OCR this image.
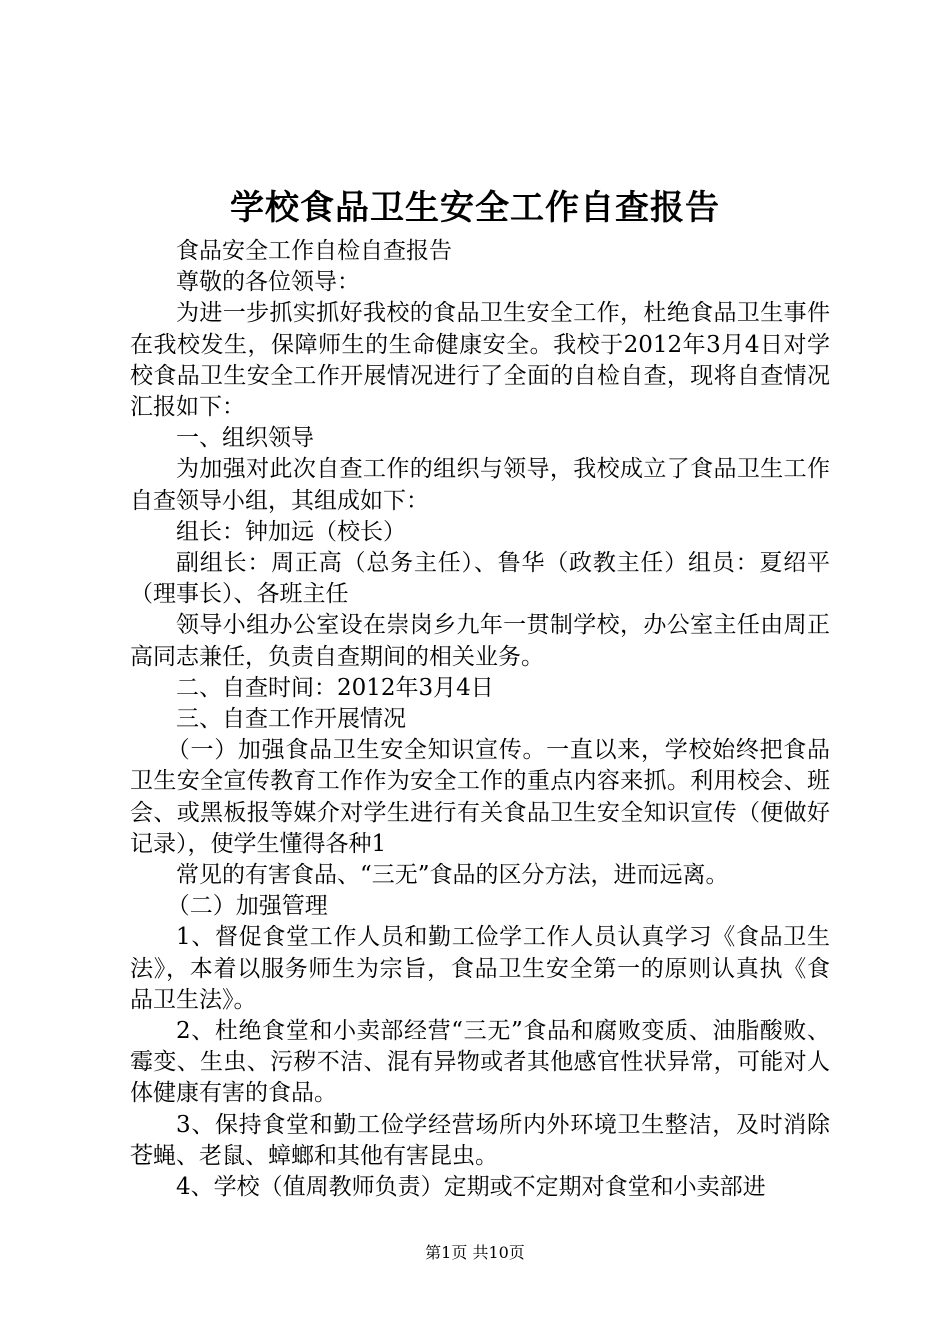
学校食品卫生安全工作自查报告

食品安全工作自检自查报告

尊敬的各位领导：

为进一步抓实抓好我校的食品卫生安全工作，杜绝食品卫生事件在我校发生，保障师生的生命健康安全。我校于2012年3月4日对学校食品卫生安全工作开展情况进行了全面的自检自查，现将自查情况汇报如下：

一、组织领导

为加强对此次自查工作的组织与领导，我校成立了食品卫生工作自查领导小组，其组成如下：

组长：钟加远（校长）

副组长：周正高（总务主任）、鲁华（政教主任）组员：夏绍平（理事长）、各班主任

领导小组办公室设在崇岗乡九年一贯制学校，办公室主任由周正高同志兼任，负责自查期间的相关业务。

二、自查时间：2012年3月4日

三、自查工作开展情况

（一）加强食品卫生安全知识宣传。一直以来，学校始终把食品卫生安全宣传教育工作作为安全工作的重点内容来抓。利用校会、班会、或黑板报等媒介对学生进行有关食品卫生安全知识宣传（便做好记录），使学生懂得各种1

常见的有害食品、“三无”食品的区分方法，进而远离。

（二）加强管理

1、督促食堂工作人员和勤工俭学工作人员认真学习《食品卫生法》，本着以服务师生为宗旨，食品卫生安全第一的原则认真执《食品卫生法》。

2、杜绝食堂和小卖部经营“三无”食品和腐败变质、油脂酸败、霉变、生虫、污秽不洁、混有异物或者其他感官性状异常，可能对人体健康有害的食品。

3、保持食堂和勤工俭学经营场所内外环境卫生整洁，及时消除苍蝇、老鼠、蟑螂和其他有害昆虫。

4、学校（值周教师负责）定期或不定期对食堂和小卖部进

第1页 共10页
